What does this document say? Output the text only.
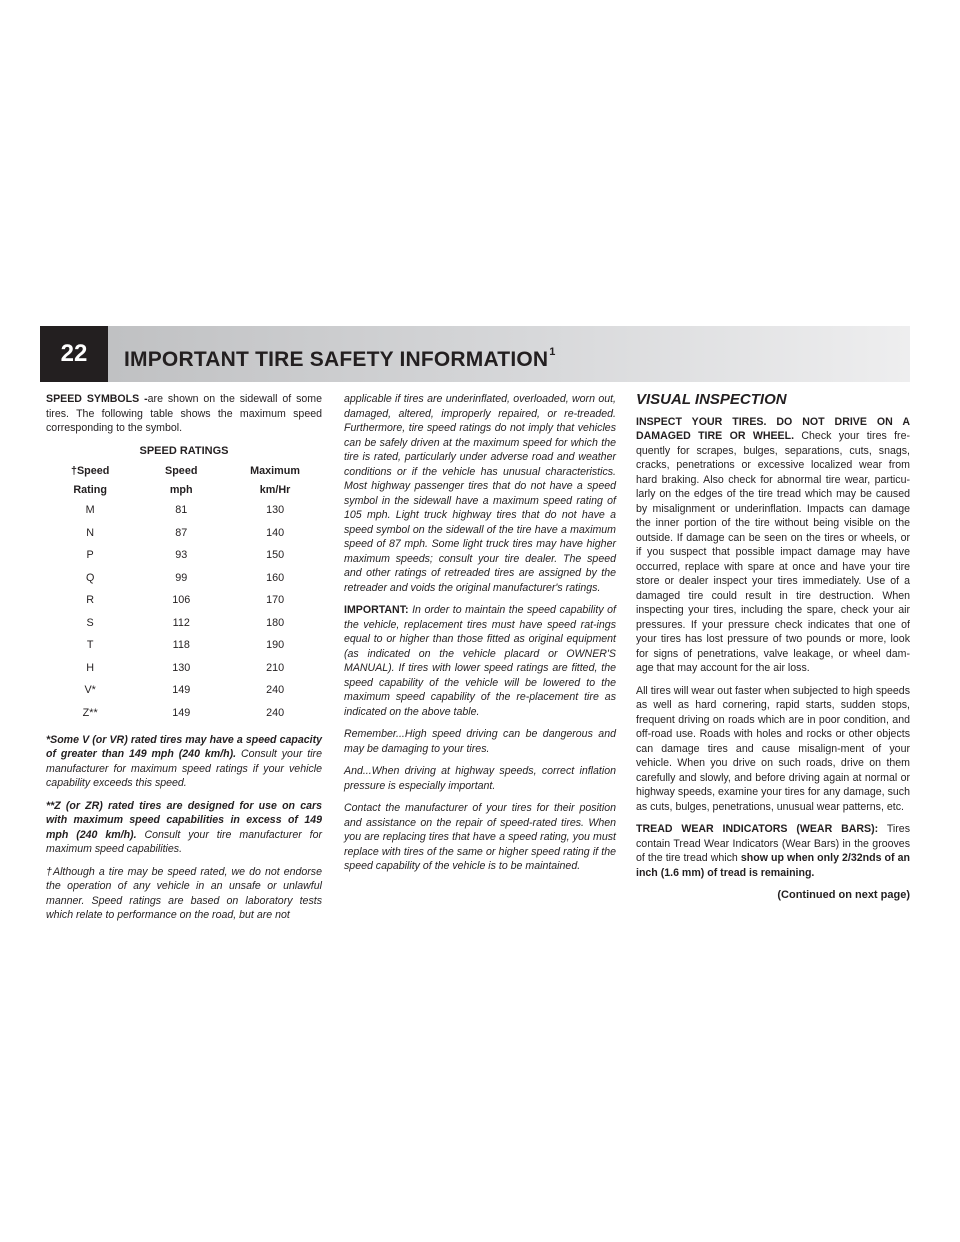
22	IMPORTANT TIRE SAFETY INFORMATION$^1$

SPEED SYMBOLS -are shown on the sidewall of some tires. The following table shows the maximum speed corresponding to the symbol.

SPEED RATINGS
†Speed	Speed	Maximum
Rating	mph	km/Hr
M	81	130
N	87	140
P	93	150
Q	99	160
R	106	170
S	112	180
T	118	190
H	130	210
V*	149	240
Z**	149	240

*Some V (or VR) rated tires may have a speed capacity of greater than 149 mph (240 km/h). Consult your tire manufacturer for maximum speed ratings if your vehicle capability exceeds this speed.

**Z (or ZR) rated tires are designed for use on cars with maximum speed capabilities in excess of 149 mph (240 km/h). Consult your tire manufacturer for maximum speed capabilities.

†Although a tire may be speed rated, we do not endorse the operation of any vehicle in an unsafe or unlawful manner. Speed ratings are based on laboratory tests which relate to performance on the road, but are not

applicable if tires are underinflated, overloaded, worn out, damaged, altered, improperly repaired, or re-treaded. Furthermore, tire speed ratings do not imply that vehicles can be safely driven at the maximum speed for which the tire is rated, particularly under adverse road and weather conditions or if the vehicle has unusual characteristics. Most highway passenger tires that do not have a speed symbol in the sidewall have a maximum speed rating of 105 mph. Light truck highway tires that do not have a speed symbol on the sidewall of the tire have a maximum speed of 87 mph. Some light truck tires may have higher maximum speeds; consult your tire dealer. The speed and other ratings of retreaded tires are assigned by the retreader and voids the original manufacturer's ratings.

IMPORTANT: In order to maintain the speed capability of the vehicle, replacement tires must have speed rat-ings equal to or higher than those fitted as original equipment (as indicated on the vehicle placard or OWNER'S MANUAL). If tires with lower speed ratings are fitted, the speed capability of the vehicle will be lowered to the maximum speed capability of the re-placement tire as indicated on the above table.

Remember...High speed driving can be dangerous and may be damaging to your tires.

And...When driving at highway speeds, correct inflation pressure is especially important.

Contact the manufacturer of your tires for their position and assistance on the repair of speed-rated tires. When you are replacing tires that have a speed rating, you must replace with tires of the same or higher speed rating if the speed capability of the vehicle is to be maintained.

VISUAL INSPECTION

INSPECT YOUR TIRES. DO NOT DRIVE ON A DAMAGED TIRE OR WHEEL. Check your tires fre-quently for scrapes, bulges, separations, cuts, snags, cracks, penetrations or excessive localized wear from hard braking. Also check for abnormal tire wear, particu-larly on the edges of the tire tread which may be caused by misalignment or underinflation. Impacts can damage the inner portion of the tire without being visible on the outside. If damage can be seen on the tires or wheels, or if you suspect that possible impact damage may have occurred, replace with spare at once and have your tire store or dealer inspect your tires immediately. Use of a damaged tire could result in tire destruction. When inspecting your tires, including the spare, check your air pressures. If your pressure check indicates that one of your tires has lost pressure of two pounds or more, look for signs of penetrations, valve leakage, or wheel dam-age that may account for the air loss.

All tires will wear out faster when subjected to high speeds as well as hard cornering, rapid starts, sudden stops, frequent driving on roads which are in poor condition, and off-road use. Roads with holes and rocks or other objects can damage tires and cause misalign-ment of your vehicle. When you drive on such roads, drive on them carefully and slowly, and before driving again at normal or highway speeds, examine your tires for any damage, such as cuts, bulges, penetrations, unusual wear patterns, etc.

TREAD WEAR INDICATORS (WEAR BARS): Tires contain Tread Wear Indicators (Wear Bars) in the grooves of the tire tread which show up when only 2/32nds of an inch (1.6 mm) of tread is remaining.

(Continued on next page)
